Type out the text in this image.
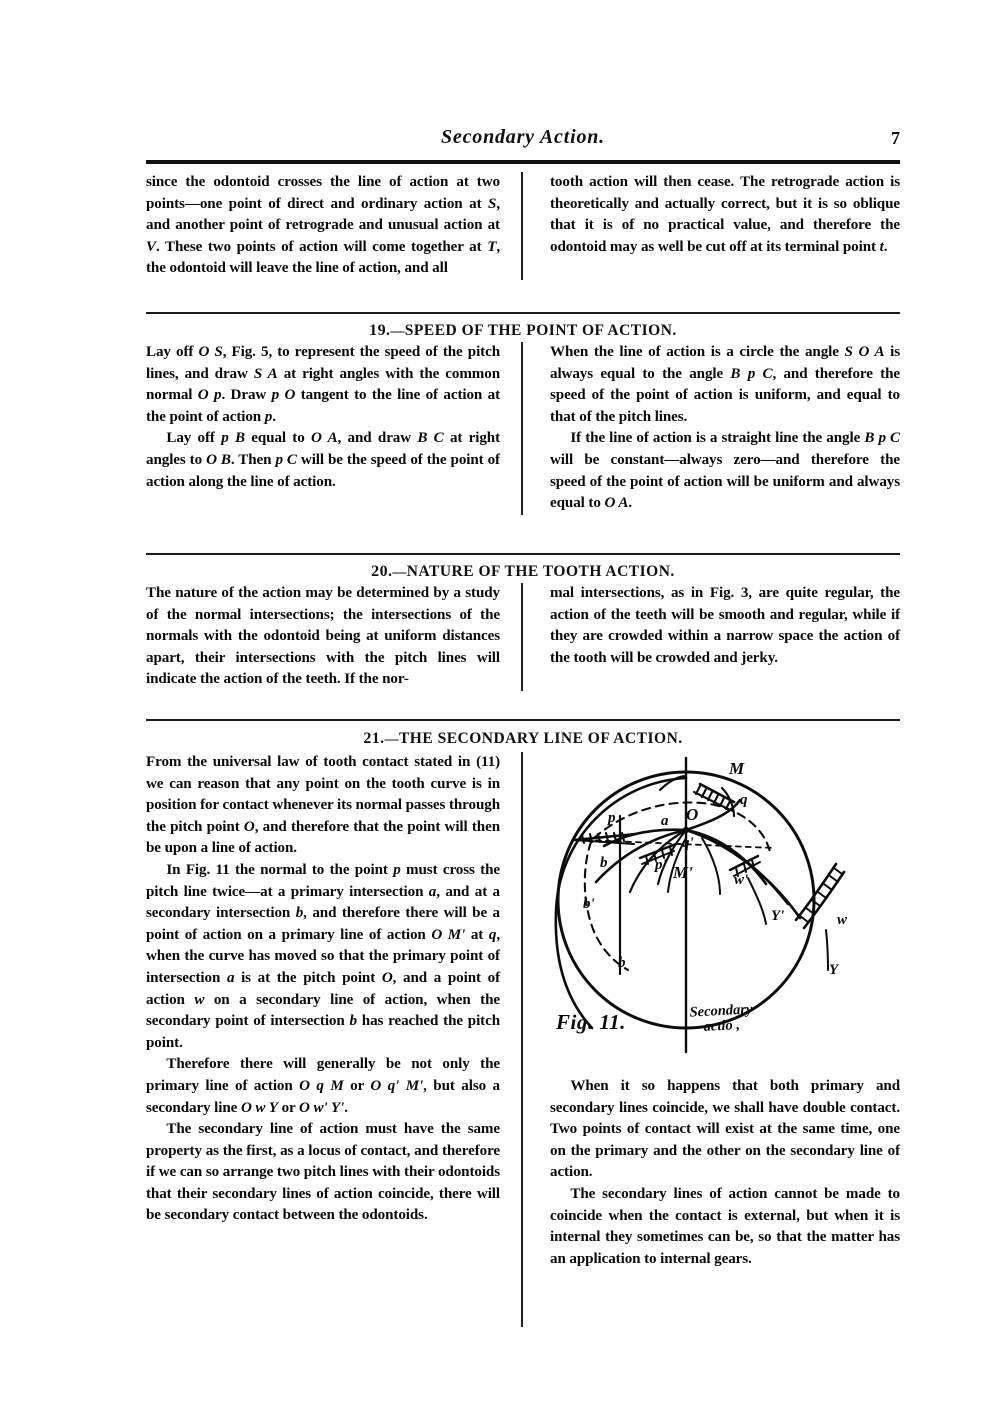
Secondary Action.	7

since the odontoid crosses the line of action at two points—one point of direct and ordinary action at S, and another point of retrograde and unusual action at V. These two points of action will come together at T, the odontoid will leave the line of action, and all

tooth action will then cease. The retrograde action is theoretically and actually correct, but it is so oblique that it is of no practical value, and therefore the odontoid may as well be cut off at its terminal point t.

19.—SPEED OF THE POINT OF ACTION.

Lay off O S, Fig. 5, to represent the speed of the pitch lines, and draw S A at right angles with the common normal O p. Draw p O tangent to the line of action at the point of action p.

Lay off p B equal to O A, and draw B C at right angles to O B. Then p C will be the speed of the point of action along the line of action.

When the line of action is a circle the angle S O A is always equal to the angle B p C, and therefore the speed of the point of action is uniform, and equal to that of the pitch lines.

If the line of action is a straight line the angle B p C will be constant—always zero—and therefore the speed of the point of action will be uniform and always equal to O A.

20.—NATURE OF THE TOOTH ACTION.

The nature of the action may be determined by a study of the normal intersections; the intersections of the normals with the odontoid being at uniform distances apart, their intersections with the pitch lines will indicate the action of the teeth. If the nor-

mal intersections, as in Fig. 3, are quite regular, the action of the teeth will be smooth and regular, while if they are crowded within a narrow space the action of the tooth will be crowded and jerky.

21.—THE SECONDARY LINE OF ACTION.

From the universal law of tooth contact stated in (11) we can reason that any point on the tooth curve is in position for contact whenever its normal passes through the pitch point O, and therefore that the point will then be upon a line of action.

In Fig. 11 the normal to the point p must cross the pitch line twice—at a primary intersection a, and at a secondary intersection b, and therefore there will be a point of action on a primary line of action O M' at q, when the curve has moved so that the primary point of intersection a is at the pitch point O, and a point of action w on a secondary line of action, when the secondary point of intersection b has reached the pitch point.

Therefore there will generally be not only the primary line of action O q M or O q' M', but also a secondary line O w Y or O w' Y'.

The secondary line of action must have the same property as the first, as a locus of contact, and therefore if we can so arrange two pitch lines with their odontoids that their secondary lines of action coincide, there will be secondary contact between the odontoids.

When it so happens that both primary and secondary lines coincide, we shall have double contact. Two points of contact will exist at the same time, one on the primary and the other on the secondary line of action.

The secondary lines of action cannot be made to coincide when the contact is external, but when it is internal they sometimes can be, so that the matter has an application to internal gears.

M
q
O
a
p
q'
p' M'
b
b'
b
w'
Y'	w
Y
Fig. 11.	Secondary
actio ,
